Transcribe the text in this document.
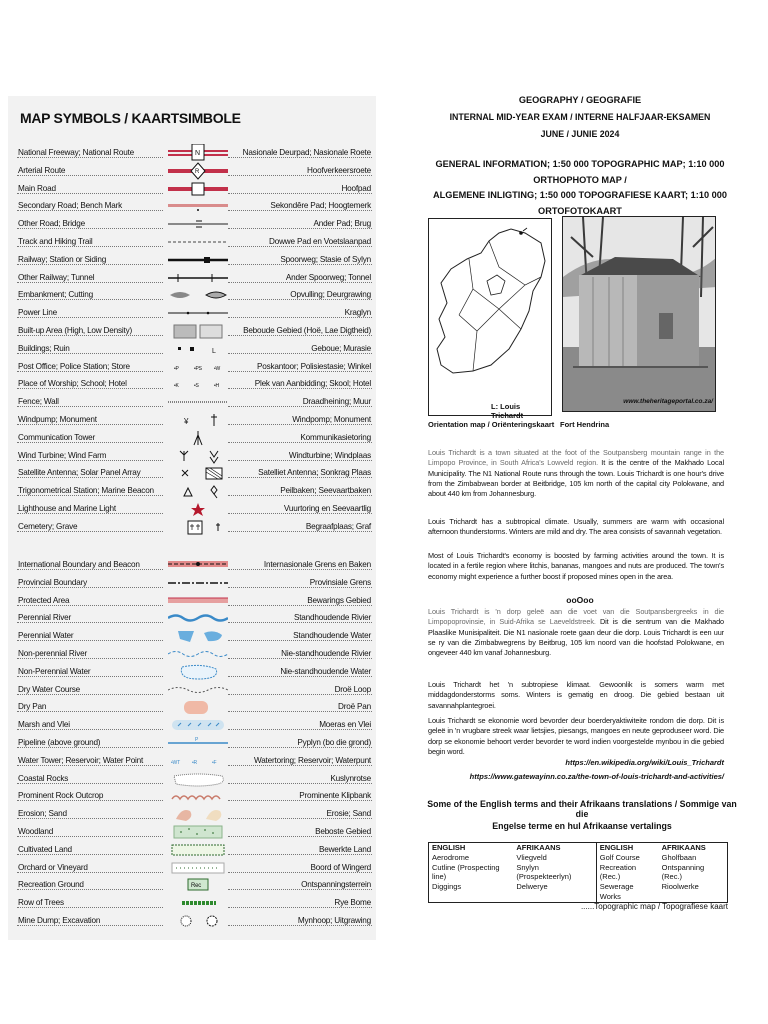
MAP SYMBOLS / KAARTSIMBOLE
National Freeway; National Route	N	Nasionale Deurpad; Nasionale Roete
Arterial Route	R	Hoofverkeersroete
Main Road	Hoofpad
Secondary Road; Bench Mark	Sekondêre Pad; Hoogtemerk
Other Road; Bridge	Ander Pad; Brug
Track and Hiking Trail	Dowwe Pad en Voetslaanpad
Railway; Station or Siding	Spoorweg; Stasie of Sylyn
Other Railway; Tunnel	Ander Spoorweg; Tonnel
Embankment; Cutting	Opvulling; Deurgrawing
Power Line	Kraglyn
Built-up Area (High, Low Density)	Beboude Gebied (Hoë, Lae Digtheid)
Buildings; Ruin	L	Geboue; Murasie
Post Office; Police Station; Store	•P	•PS •W	Poskantoor; Polisiestasie; Winkel
Place of Worship; School; Hotel	•K	•S	•H	Plek van Aanbidding; Skool; Hotel
Fence; Wall	Draadheining; Muur
Windpump; Monument	¥	Windpomp; Monument
Communication Tower	Kommunikasietoring
Wind Turbine; Wind Farm	Windturbine; Windplaas
Satellite Antenna; Solar Panel Array	Satelliet Antenna; Sonkrag Plaas
Trigonometrical Station; Marine Beacon	Peilbaken; Seevaartbaken
Lighthouse and Marine Light	Vuurtoring en Seevaartlig
Cemetery; Grave	Begraafplaas; Graf
International Boundary and Beacon	Internasionale Grens en Baken
Provincial Boundary	Provinsiale Grens
Protected Area	Bewarings Gebied
Perennial River	Standhoudende Rivier
Perennial Water	Standhoudende Water
Non-perennial River	Nie-standhoudende Rivier
Non-Perennial Water	Nie-standhoudende Water
Dry Water Course	Droë Loop
Dry Pan	Droë Pan
Marsh and Vlei	Moeras en Vlei
Pipeline (above ground)	P	Pyplyn (bo die grond)
Water Tower; Reservoir; Water Point	•WT •R	•F	Watertoring; Reservoir; Waterpunt
Coastal Rocks	Kuslynrotse
Prominent Rock Outcrop	Prominente Klipbank
Erosion; Sand	Erosie; Sand
Woodland	Beboste Gebied
Cultivated Land	Bewerkte Land
Orchard or Vineyard	Boord of Wingerd
Recreation Ground	Rec	Ontspanningsterrein
Row of Trees	Rye Bome
Mine Dump; Excavation	Mynhoop; Uitgrawing
GEOGRAPHY / GEOGRAFIE
INTERNAL MID-YEAR EXAM / INTERNE HALFJAAR-EKSAMEN
JUNE / JUNIE 2024
GENERAL INFORMATION; 1:50 000 TOPOGRAPHIC MAP; 1:10 000 ORTHOPHOTO MAP /
ALGEMENE INLIGTING; 1:50 000 TOPOGRAFIESE KAART; 1:10 000 ORTOFOTOKAART
L: Louis Trichardt
Orientation map / Oriënteringskaart
www.theheritageportal.co.za/
Fort Hendrina
Louis Trichardt is a town situated at the foot of the Soutpansberg mountain range in the Limpopo Province, in South Africa's Lowveld region. It is the centre of the Makhado Local Municipality. The N1 National Route runs through the town. Louis Trichardt is one hour's drive from the Zimbabwean border at Beitbridge, 105 km north of the capital city Polokwane, and about 440 km from Johannesburg.
Louis Trichardt has a subtropical climate. Usually, summers are warm with occasional afternoon thunderstorms. Winters are mild and dry. The area consists of savannah vegetation.
Most of Louis Trichardt's economy is boosted by farming activities around the town. It is located in a fertile region where litchis, bananas, mangoes and nuts are produced. The town's economy might experience a further boost if proposed mines open in the area.
ooOoo
Louis Trichardt is 'n dorp geleë aan die voet van die Soutpansbergreeks in die Limpopoprovinsie, in Suid-Afrika se Laeveldstreek. Dit is die sentrum van die Makhado Plaaslike Munisipaliteit. Die N1 nasionale roete gaan deur die dorp. Louis Trichardt is een uur se ry van die Zimbabwegrens by Beitbrug, 105 km noord van die hoofstad Polokwane, en ongeveer 440 km vanaf Johannesburg.
Louis Trichardt het 'n subtropiese klimaat. Gewoonlik is somers warm met middagdonderstorms soms. Winters is gematig en droog. Die gebied bestaan uit savannahplantegroei.
Louis Trichardt se ekonomie word bevorder deur boerderyaktiwiteite rondom die dorp. Dit is geleë in 'n vrugbare streek waar lietsjies, piesangs, mangoes en neute geproduseer word. Die dorp se ekonomie behoort verder bevorder te word indien voorgestelde mynbou in die gebied begin word.
https://en.wikipedia.org/wiki/Louis_Trichardt
https://www.gatewayinn.co.za/the-town-of-louis-trichardt-and-activities/
Some of the English terms and their Afrikaans translations / Sommige van die
Engelse terme en hul Afrikaanse vertalings
ENGLISH	AFRIKAANS	ENGLISH	AFRIKAANS
Aerodrome	Vliegveld	Golf Course	Gholfbaan
Cutline (Prospecting line)	Snylyn (Prospekteerlyn)	Recreation (Rec.)	Ontspanning (Rec.)
Diggings	Delwerye	Sewerage Works	Rioolwerke
......Topographic map / Topografiese kaart
